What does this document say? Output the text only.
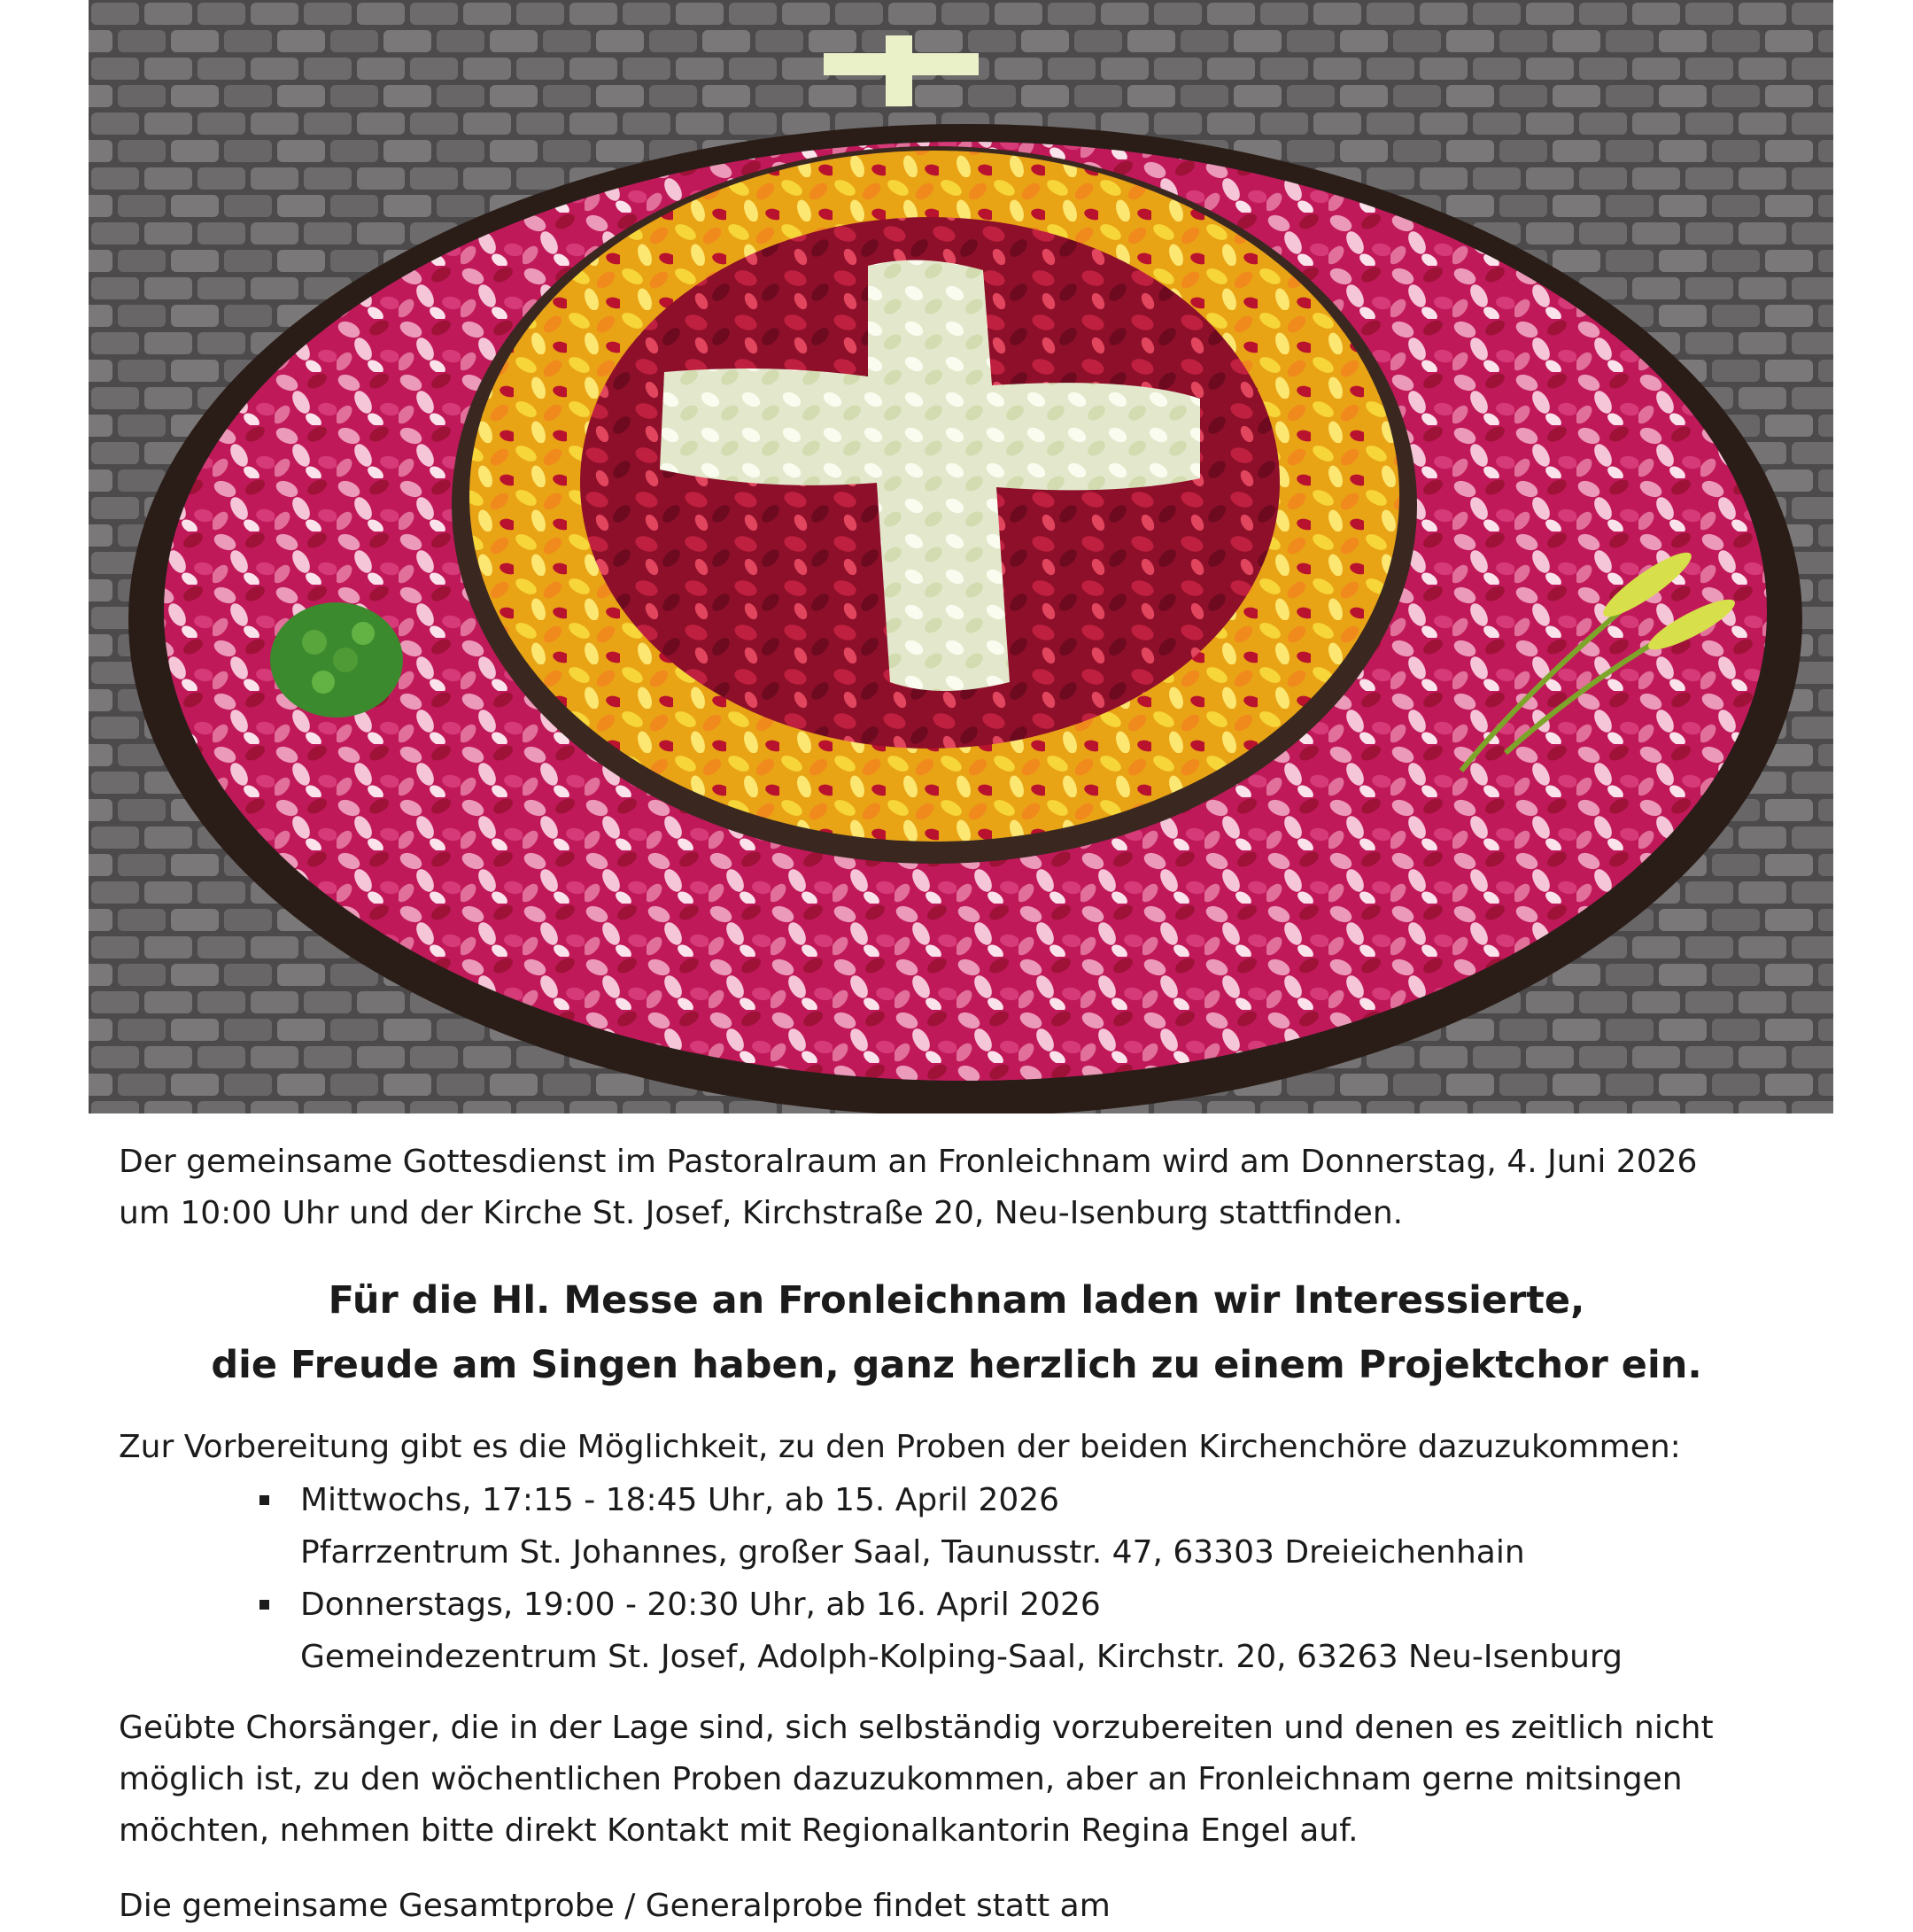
Der gemeinsame Gottesdienst im Pastoralraum an Fronleichnam wird am Donnerstag, 4. Juni 2026
um 10:00 Uhr und der Kirche St. Josef, Kirchstraße 20, Neu-Isenburg stattfinden.

Für die Hl. Messe an Fronleichnam laden wir Interessierte,
die Freude am Singen haben, ganz herzlich zu einem Projektchor ein.

Zur Vorbereitung gibt es die Möglichkeit, zu den Proben der beiden Kirchenchöre dazuzukommen:

Mittwochs, 17:15 - 18:45 Uhr, ab 15. April 2026
Pfarrzentrum St. Johannes, großer Saal, Taunusstr. 47, 63303 Dreieichenhain
Donnerstags, 19:00 - 20:30 Uhr, ab 16. April 2026
Gemeindezentrum St. Josef, Adolph-Kolping-Saal, Kirchstr. 20, 63263 Neu-Isenburg

Geübte Chorsänger, die in der Lage sind, sich selbständig vorzubereiten und denen es zeitlich nicht
möglich ist, zu den wöchentlichen Proben dazuzukommen, aber an Fronleichnam gerne mitsingen
möchten, nehmen bitte direkt Kontakt mit Regionalkantorin Regina Engel auf.

Die gemeinsame Gesamtprobe / Generalprobe findet statt am
